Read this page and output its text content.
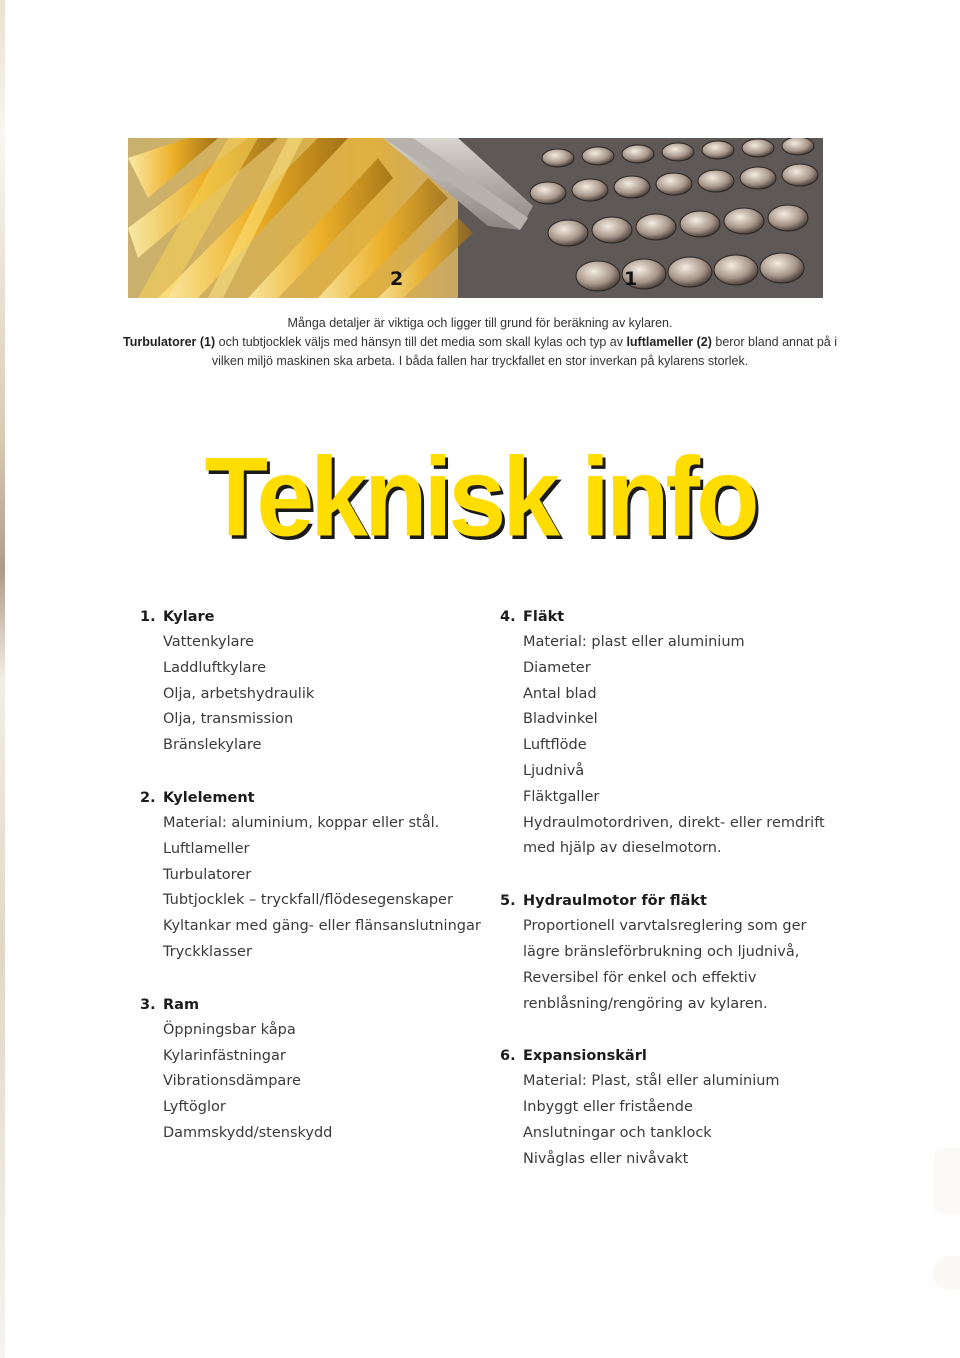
2	1
Många detaljer är viktiga och ligger till grund för beräkning av kylaren.
Turbulatorer (1) och tubtjocklek väljs med hänsyn till det media som skall kylas och typ av luftlameller (2) beror bland annat på i
vilken miljö maskinen ska arbeta. I båda fallen har tryckfallet en stor inverkan på kylarens storlek.
Teknisk info
1. Kylare
Vattenkylare
Laddluftkylare
Olja, arbetshydraulik
Olja, transmission
Bränslekylare
2. Kylelement
Material: aluminium, koppar eller stål.
Luftlameller
Turbulatorer
Tubtjocklek – tryckfall/flödesegenskaper
Kyltankar med gäng- eller flänsanslutningar
Tryckklasser
3. Ram
Öppningsbar kåpa
Kylarinfästningar
Vibrationsdämpare
Lyftöglor
Dammskydd/stenskydd
4. Fläkt
Material: plast eller aluminium
Diameter
Antal blad
Bladvinkel
Luftflöde
Ljudnivå
Fläktgaller
Hydraulmotordriven, direkt- eller remdrift
med hjälp av dieselmotorn.
5. Hydraulmotor för fläkt
Proportionell varvtalsreglering som ger
lägre bränsleförbrukning och ljudnivå,
Reversibel för enkel och effektiv
renblåsning/rengöring av kylaren.
6. Expansionskärl
Material: Plast, stål eller aluminium
Inbyggt eller fristående
Anslutningar och tanklock
Nivåglas eller nivåvakt
